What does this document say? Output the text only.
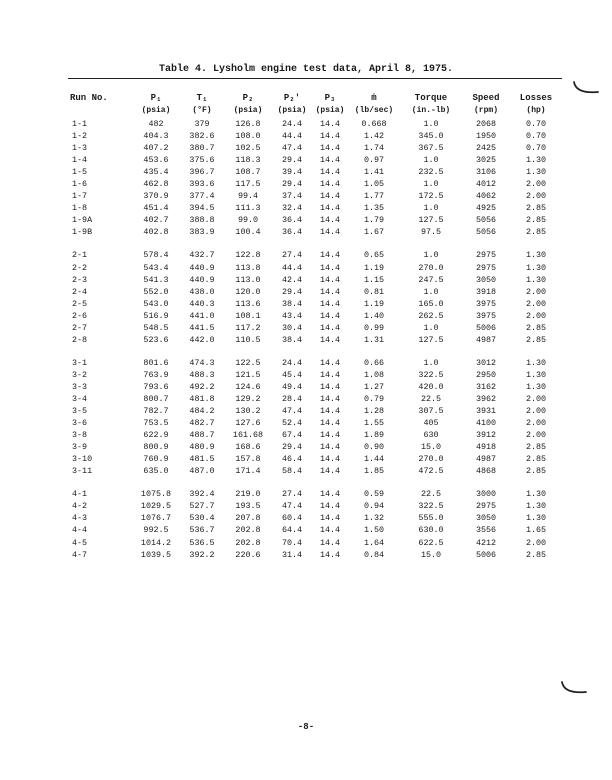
Table 4. Lysholm engine test data, April 8, 1975.
Run No.	P₁	T₁	P₂	P₂'	P₃	ṁ	Torque	Speed	Losses
	(psia)	(°F)	(psia)	(psia)	(psia)	(lb/sec)	(in.-lb)	(rpm)	(hp)
1-1	482	379	126.8	24.4	14.4	0.668	1.0	2068	0.70
1-2	404.3	382.6	108.0	44.4	14.4	1.42	345.0	1950	0.70
1-3	407.2	380.7	102.5	47.4	14.4	1.74	367.5	2425	0.70
1-4	453.6	375.6	118.3	29.4	14.4	0.97	1.0	3025	1.30
1-5	435.4	396.7	108.7	39.4	14.4	1.41	232.5	3106	1.30
1-6	462.8	393.6	117.5	29.4	14.4	1.05	1.0	4012	2.00
1-7	370.9	377.4	99.4	37.4	14.4	1.77	172.5	4062	2.00
1-8	451.4	394.5	111.3	32.4	14.4	1.35	1.0	4925	2.85
1-9A	402.7	388.8	99.0	36.4	14.4	1.79	127.5	5056	2.85
1-9B	402.8	383.9	100.4	36.4	14.4	1.67	97.5	5056	2.85
2-1	578.4	432.7	122.8	27.4	14.4	0.65	1.0	2975	1.30
2-2	543.4	440.9	113.8	44.4	14.4	1.19	270.0	2975	1.30
2-3	541.3	440.9	113.0	42.4	14.4	1.15	247.5	3050	1.30
2-4	552.0	438.0	120.0	29.4	14.4	0.81	1.0	3918	2.00
2-5	543.0	440.3	113.6	38.4	14.4	1.19	165.0	3975	2.00
2-6	516.9	441.0	108.1	43.4	14.4	1.40	262.5	3975	2.00
2-7	548.5	441.5	117.2	30.4	14.4	0.99	1.0	5006	2.85
2-8	523.6	442.0	110.5	38.4	14.4	1.31	127.5	4987	2.85
3-1	801.6	474.3	122.5	24.4	14.4	0.66	1.0	3012	1.30
3-2	763.9	488.3	121.5	45.4	14.4	1.08	322.5	2950	1.30
3-3	793.6	492.2	124.6	49.4	14.4	1.27	420.0	3162	1.30
3-4	800.7	481.8	129.2	28.4	14.4	0.79	22.5	3962	2.00
3-5	782.7	484.2	130.2	47.4	14.4	1.28	307.5	3931	2.00
3-6	753.5	482.7	127.6	52.4	14.4	1.55	405	4100	2.00
3-8	622.9	488.7	161.68	67.4	14.4	1.89	630	3912	2.00
3-9	800.9	480.9	168.6	29.4	14.4	0.90	15.0	4918	2.85
3-10	760.9	481.5	157.8	46.4	14.4	1.44	270.0	4987	2.85
3-11	635.0	487.0	171.4	58.4	14.4	1.85	472.5	4868	2.85
4-1	1075.8	392.4	219.0	27.4	14.4	0.59	22.5	3000	1.30
4-2	1029.5	527.7	193.5	47.4	14.4	0.94	322.5	2975	1.30
4-3	1076.7	530.4	207.8	60.4	14.4	1.32	555.0	3050	1.30
4-4	992.5	536.7	202.8	64.4	14.4	1.50	630.0	3556	1.65
4-5	1014.2	536.5	202.8	70.4	14.4	1.64	622.5	4212	2.00
4-7	1039.5	392.2	220.6	31.4	14.4	0.84	15.0	5006	2.85
-8-
